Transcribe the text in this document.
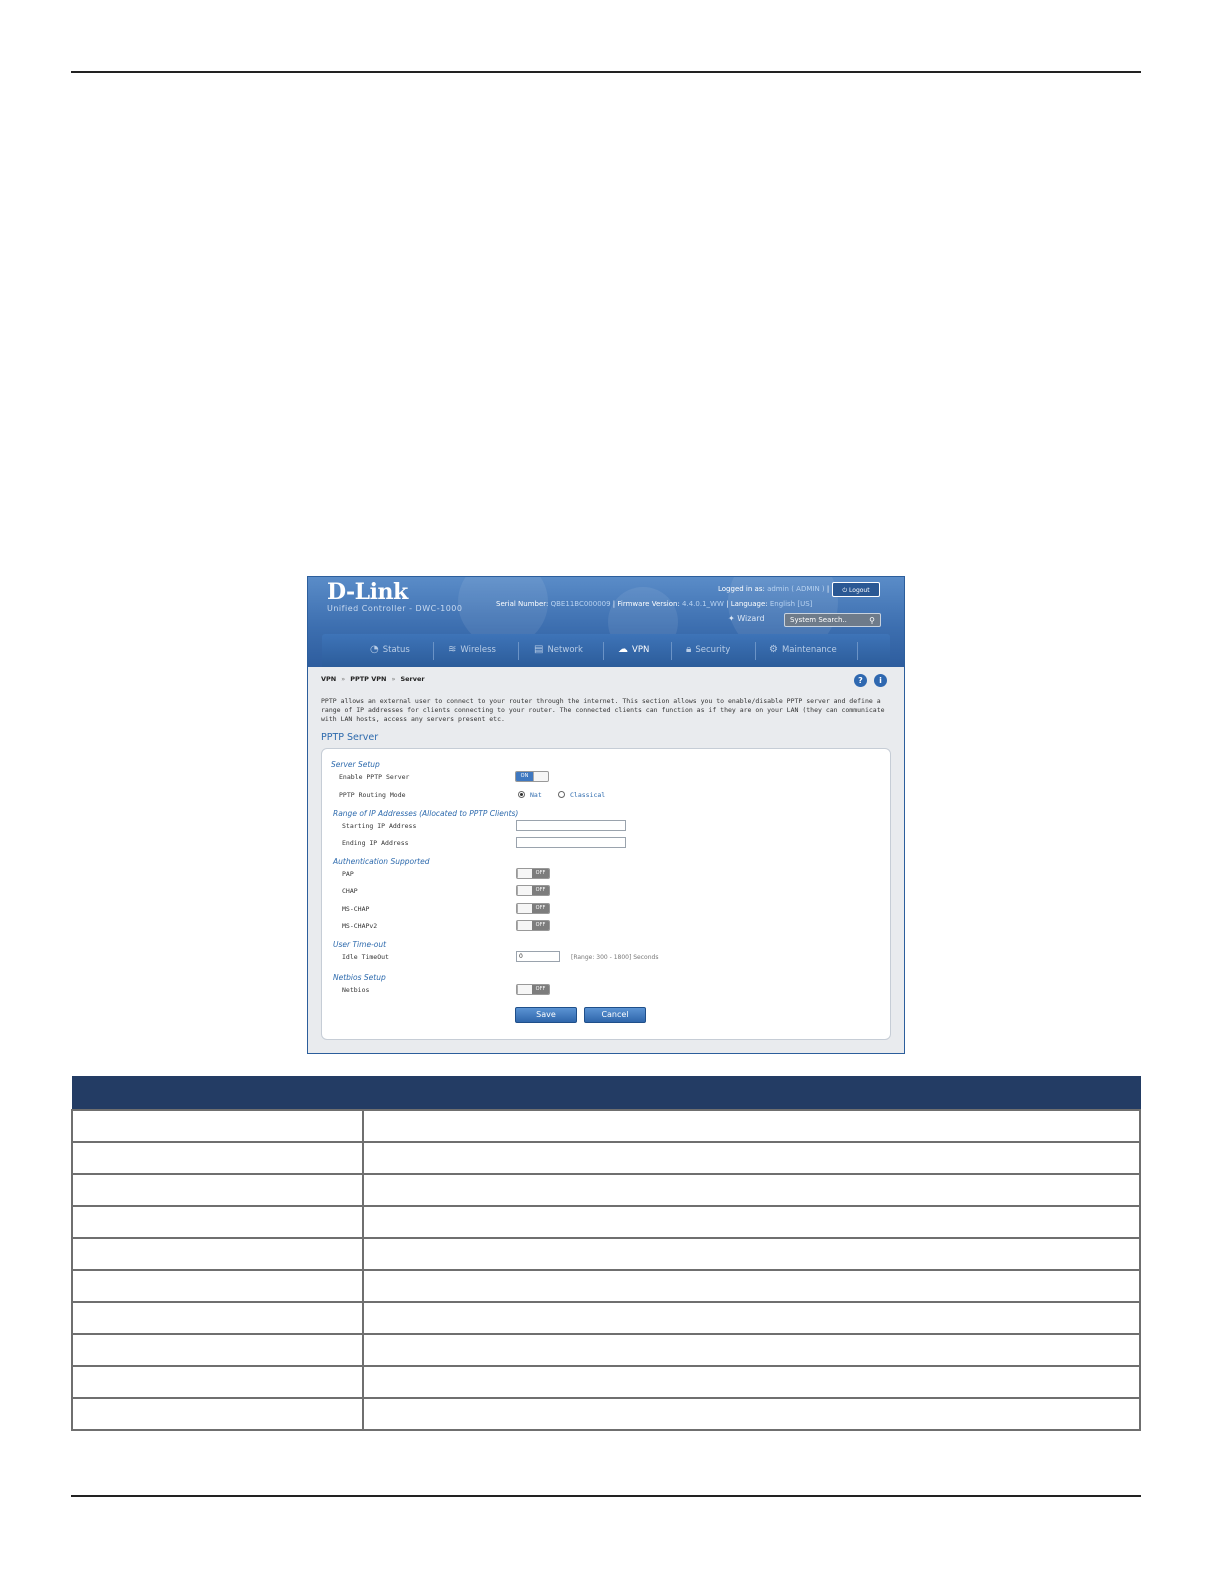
D-Link
Unified Controller - DWC-1000
Logged in as: admin ( ADMIN ) |	⏻ Logout
Serial Number: QBE11BC000009 | Firmware Version: 4.4.0.1_WW | Language: English [US]
✦ Wizard	System Search..	⚲
◔ Status	≋ Wireless	▤ Network	☁ VPN	🔒︎ Security	⚙ Maintenance
VPN » PPTP VPN » Server	?	i
PPTP allows an external user to connect to your router through the internet. This section allows you to enable/disable PPTP server and define a range of IP addresses for clients connecting to your router. The connected clients can function as if they are on your LAN (they can communicate with LAN hosts, access any servers present etc.
PPTP Server
Server Setup
Enable PPTP Server	ON
PPTP Routing Mode	Nat	Classical
Range of IP Addresses (Allocated to PPTP Clients)
Starting IP Address
Ending IP Address
Authentication Supported
PAP	OFF
CHAP	OFF
MS-CHAP	OFF
MS-CHAPv2	OFF
User Time-out
Idle TimeOut	0	[Range: 300 - 1800] Seconds
Netbios Setup
Netbios	OFF
Save	Cancel
